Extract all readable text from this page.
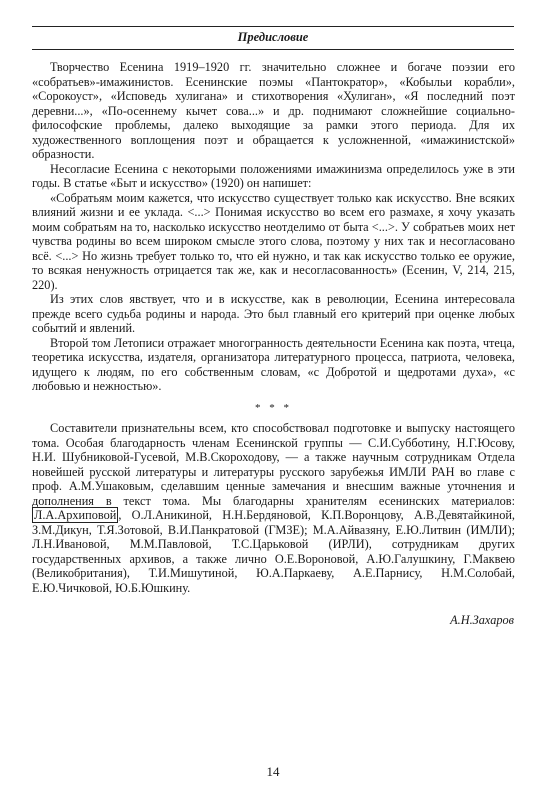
Предисловие

Творчество Есенина 1919–1920 гг. значительно сложнее и богаче поэзии его «собратьев»-имажинистов. Есенинские поэмы «Пантократор», «Кобыльи корабли», «Сорокоуст», «Исповедь хулигана» и стихотворения «Хулиган», «Я последний поэт деревни...», «По-осеннему кычет сова...» и др. поднимают сложнейшие социально-философские проблемы, далеко выходящие за рамки этого периода. Для их художественного воплощения поэт и обращается к усложненной, «имажинистской» образности.

Несогласие Есенина с некоторыми положениями имажинизма определилось уже в эти годы. В статье «Быт и искусство» (1920) он напишет:

«Собратьям моим кажется, что искусство существует только как искусство. Вне всяких влияний жизни и ее уклада. <...> Понимая искусство во всем его размахе, я хочу указать моим собратьям на то, насколько искусство неотделимо от бытa <...>. У собратьев моих нет чувства родины во всем широком смысле этого слова, поэтому у них так и несогласовано всё. <...> Но жизнь требует только то, что ей нужно, и так как искусство только ее оружие, то всякая ненужность отрицается так же, как и несогласованность» (Есенин, V, 214, 215, 220).

Из этих слов явствует, что и в искусстве, как в революции, Есенина интересовала прежде всего судьба родины и народа. Это был главный его критерий при оценке любых событий и явлений.

Второй том Летописи отражает многогранность деятельности Есенина как поэта, чтеца, теоретика искусства, издателя, организатора литературного процесса, патриота, человека, идущего к людям, по его собственным словам, «с Добротой и щедротами духа», «с любовью и нежностью».

* * *

Составители признательны всем, кто способствовал подготовке и выпуску настоящего тома. Особая благодарность членам Есенинской группы — С.И.Субботину, Н.Г.Юсову, Н.И. Шубниковой-Гусевой, М.В.Скороходову, — а также научным сотрудникам Отдела новейшей русской литературы и литературы русского зарубежья ИМЛИ РАН во главе с проф. А.М.Ушаковым, сделавшим ценные замечания и внесшим важные уточнения и дополнения в текст тома. Мы благодарны хранителям есенинских материалов: Л.А.Архиповой , О.Л.Аникиной, Н.Н.Бердяновой, К.П.Воронцову, А.В.Девятайкиной, З.М.Дикун, Т.Я.Зотовой, В.И.Панкратовой (ГМЗЕ); М.А.Айвазяну, Е.Ю.Литвин (ИМЛИ); Л.Н.Ивановой, М.М.Павловой, Т.С.Царьковой (ИРЛИ), сотрудникам других государственных архивов, а также лично О.Е.Вороновой, А.Ю.Галушкину, Г.Маквею (Великобритания), Т.И.Мишутиной, Ю.А.Паркаеву, А.Е.Парнису, Н.М.Солобай, Е.Ю.Чичковой, Ю.Б.Юшкину.

А.Н.Захаров
14
